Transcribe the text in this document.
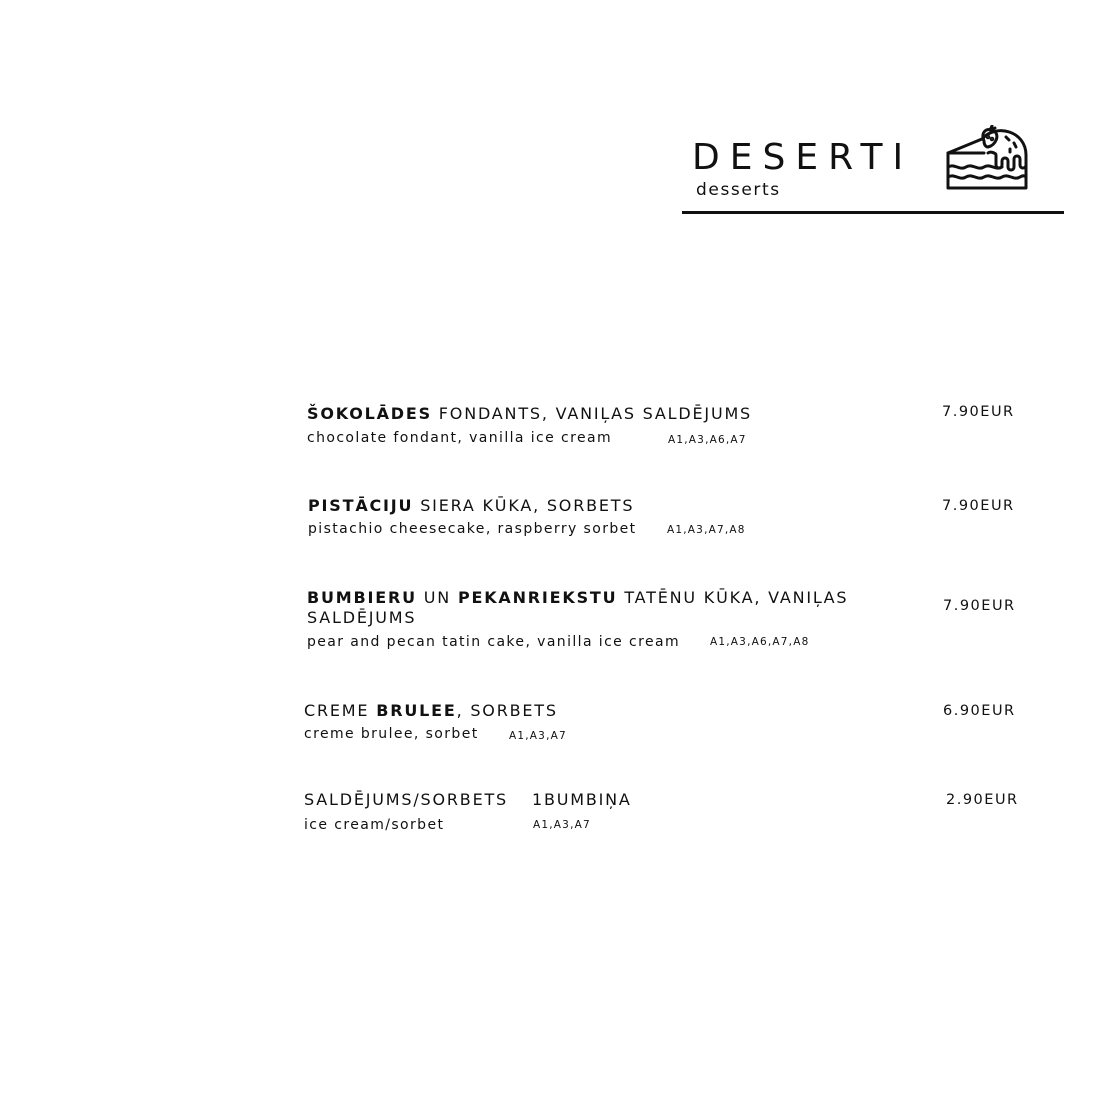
DESERTI
desserts
ŠOKOLĀDES FONDANTS, VANIĻAS SALDĒJUMS
chocolate fondant, vanilla ice cream	A1,A3,A6,A7
7.90EUR
PISTĀCIJU SIERA KŪKA, SORBETS
pistachio cheesecake, raspberry sorbet	A1,A3,A7,A8
7.90EUR
BUMBIERU UN PEKANRIEKSTU TATĒNU KŪKA, VANIĻAS SALDĒJUMS
pear and pecan tatin cake, vanilla ice cream	A1,A3,A6,A7,A8
7.90EUR
CREME BRULEE, SORBETS
creme brulee, sorbet	A1,A3,A7
6.90EUR
SALDĒJUMS/SORBETS 1BUMBIŅA
ice cream/sorbet	A1,A3,A7
2.90EUR
